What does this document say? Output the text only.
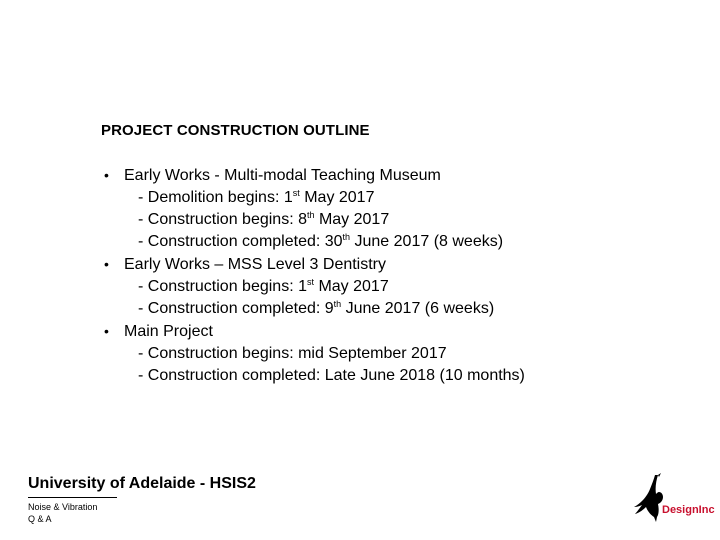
PROJECT CONSTRUCTION OUTLINE
• Early Works - Multi-modal Teaching Museum
- Demolition begins: 1st May 2017
- Construction begins: 8th May 2017
- Construction completed: 30th June 2017 (8 weeks)
• Early Works – MSS Level 3 Dentistry
- Construction begins: 1st May 2017
- Construction completed: 9th June 2017 (6 weeks)
• Main Project
- Construction begins: mid September 2017
- Construction completed: Late June 2018 (10 months)
University of Adelaide - HSIS2
Noise & Vibration
Q & A
DesignInc
